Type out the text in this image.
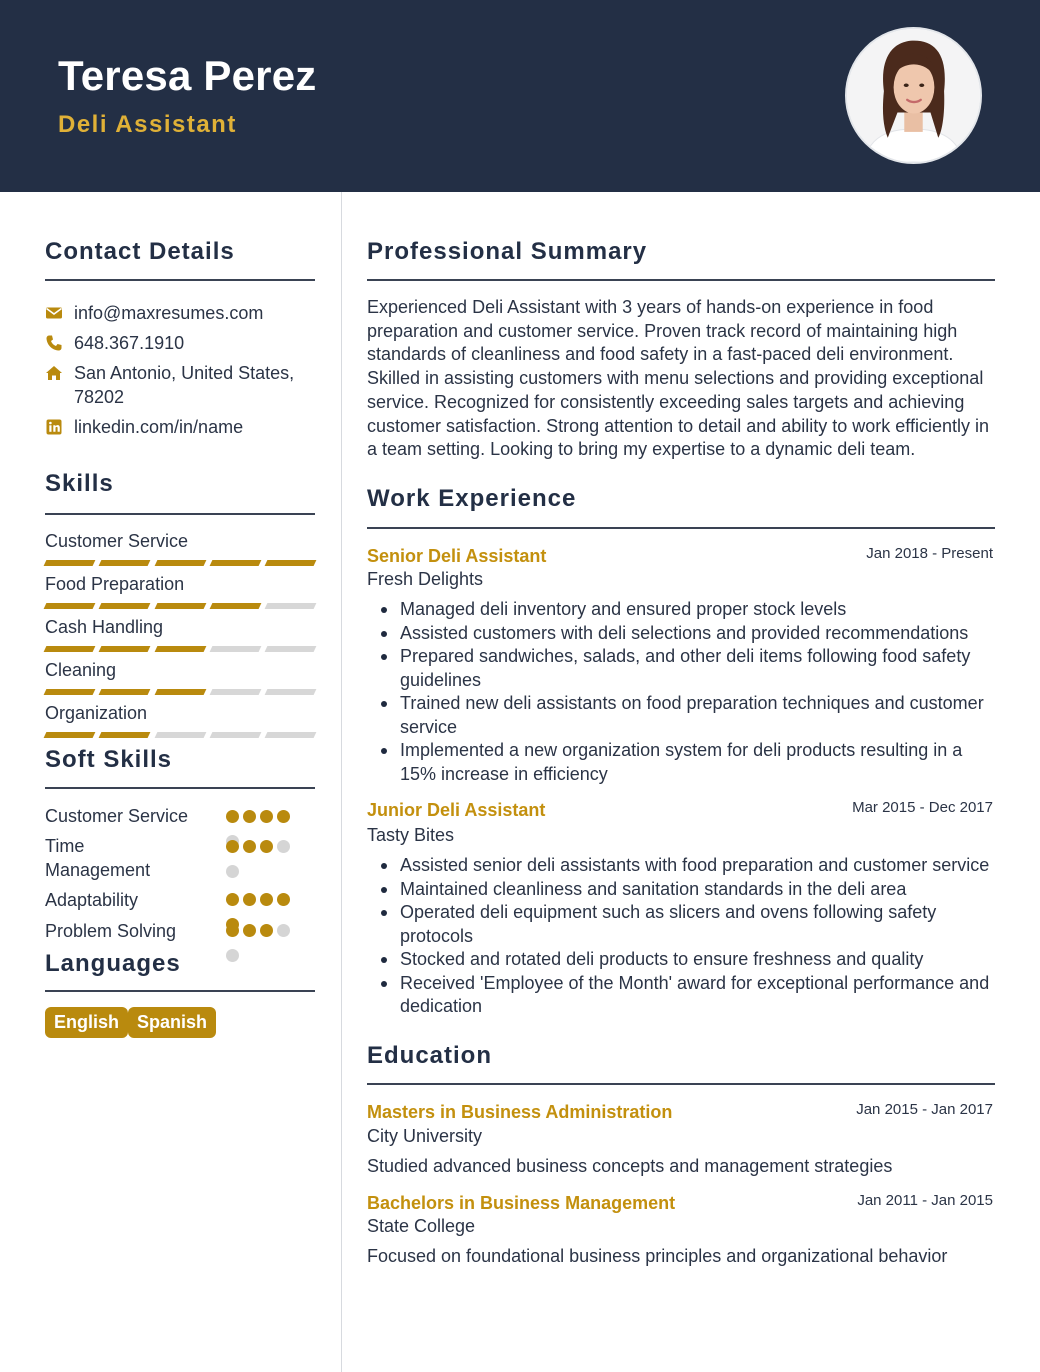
Teresa Perez
Deli Assistant
Contact Details
info@maxresumes.com
648.367.1910
San Antonio, United States,
78202
linkedin.com/in/name
Skills
Customer Service
Food Preparation
Cash Handling
Cleaning
Organization
Soft Skills
Customer Service
Time Management
Adaptability
Problem Solving
Languages
English Spanish
Professional Summary
Experienced Deli Assistant with 3 years of hands-on experience in food preparation and customer service. Proven track record of maintaining high standards of cleanliness and food safety in a fast-paced deli environment. Skilled in assisting customers with menu selections and providing exceptional service. Recognized for consistently exceeding sales targets and achieving customer satisfaction. Strong attention to detail and ability to work efficiently in a team setting. Looking to bring my expertise to a dynamic deli team.
Work Experience
Senior Deli Assistant	Jan 2018 - Present
Fresh Delights
Managed deli inventory and ensured proper stock levels
Assisted customers with deli selections and provided recommendations
Prepared sandwiches, salads, and other deli items following food safety guidelines
Trained new deli assistants on food preparation techniques and customer service
Implemented a new organization system for deli products resulting in a 15% increase in efficiency
Junior Deli Assistant	Mar 2015 - Dec 2017
Tasty Bites
Assisted senior deli assistants with food preparation and customer service
Maintained cleanliness and sanitation standards in the deli area
Operated deli equipment such as slicers and ovens following safety protocols
Stocked and rotated deli products to ensure freshness and quality
Received 'Employee of the Month' award for exceptional performance and dedication
Education
Masters in Business Administration	Jan 2015 - Jan 2017
City University
Studied advanced business concepts and management strategies
Bachelors in Business Management	Jan 2011 - Jan 2015
State College
Focused on foundational business principles and organizational behavior
